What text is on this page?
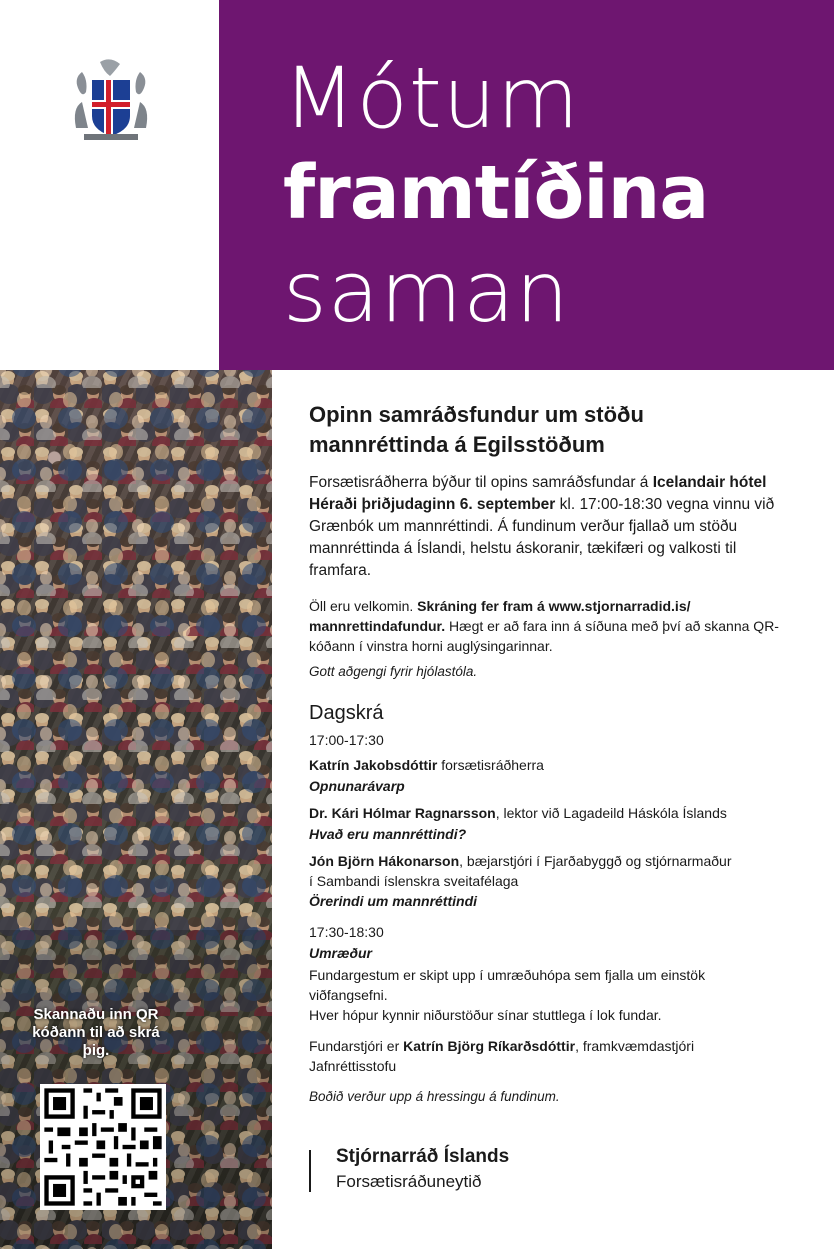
Mótum
framtíðina
saman
Skannaðu inn QR kóðann til að skrá þig.
Opinn samráðsfundur um stöðu mannréttinda á Egilsstöðum
Forsætisráðherra býður til opins samráðsfundar á Icelandair hótel Héraði þriðjudaginn 6. september kl. 17:00-18:30 vegna vinnu við Grænbók um mannréttindi. Á fundinum verður fjallað um stöðu mannréttinda á Íslandi, helstu áskoranir, tækifæri og valkosti til framfara.
Öll eru velkomin. Skráning fer fram á www.stjornarradid.is/ mannrettindafundur. Hægt er að fara inn á síðuna með því að skanna QR-kóðann í vinstra horni auglýsingarinnar.
Gott aðgengi fyrir hjólastóla.
Dagskrá
17:00-17:30
Katrín Jakobsdóttir forsætisráðherra
Opnunarávarp
Dr. Kári Hólmar Ragnarsson, lektor við Lagadeild Háskóla Íslands
Hvað eru mannréttindi?
Jón Björn Hákonarson, bæjarstjóri í Fjarðabyggð og stjórnarmaður
í Sambandi íslenskra sveitafélaga
Örerindi um mannréttindi
17:30-18:30
Umræður
Fundargestum er skipt upp í umræðuhópa sem fjalla um einstök
viðfangsefni.
Hver hópur kynnir niðurstöður sínar stuttlega í lok fundar.
Fundarstjóri er Katrín Björg Ríkarðsdóttir, framkvæmdastjóri
Jafnréttisstofu
Boðið verður upp á hressingu á fundinum.
Stjórnarráð Íslands
Forsætisráðuneytið
